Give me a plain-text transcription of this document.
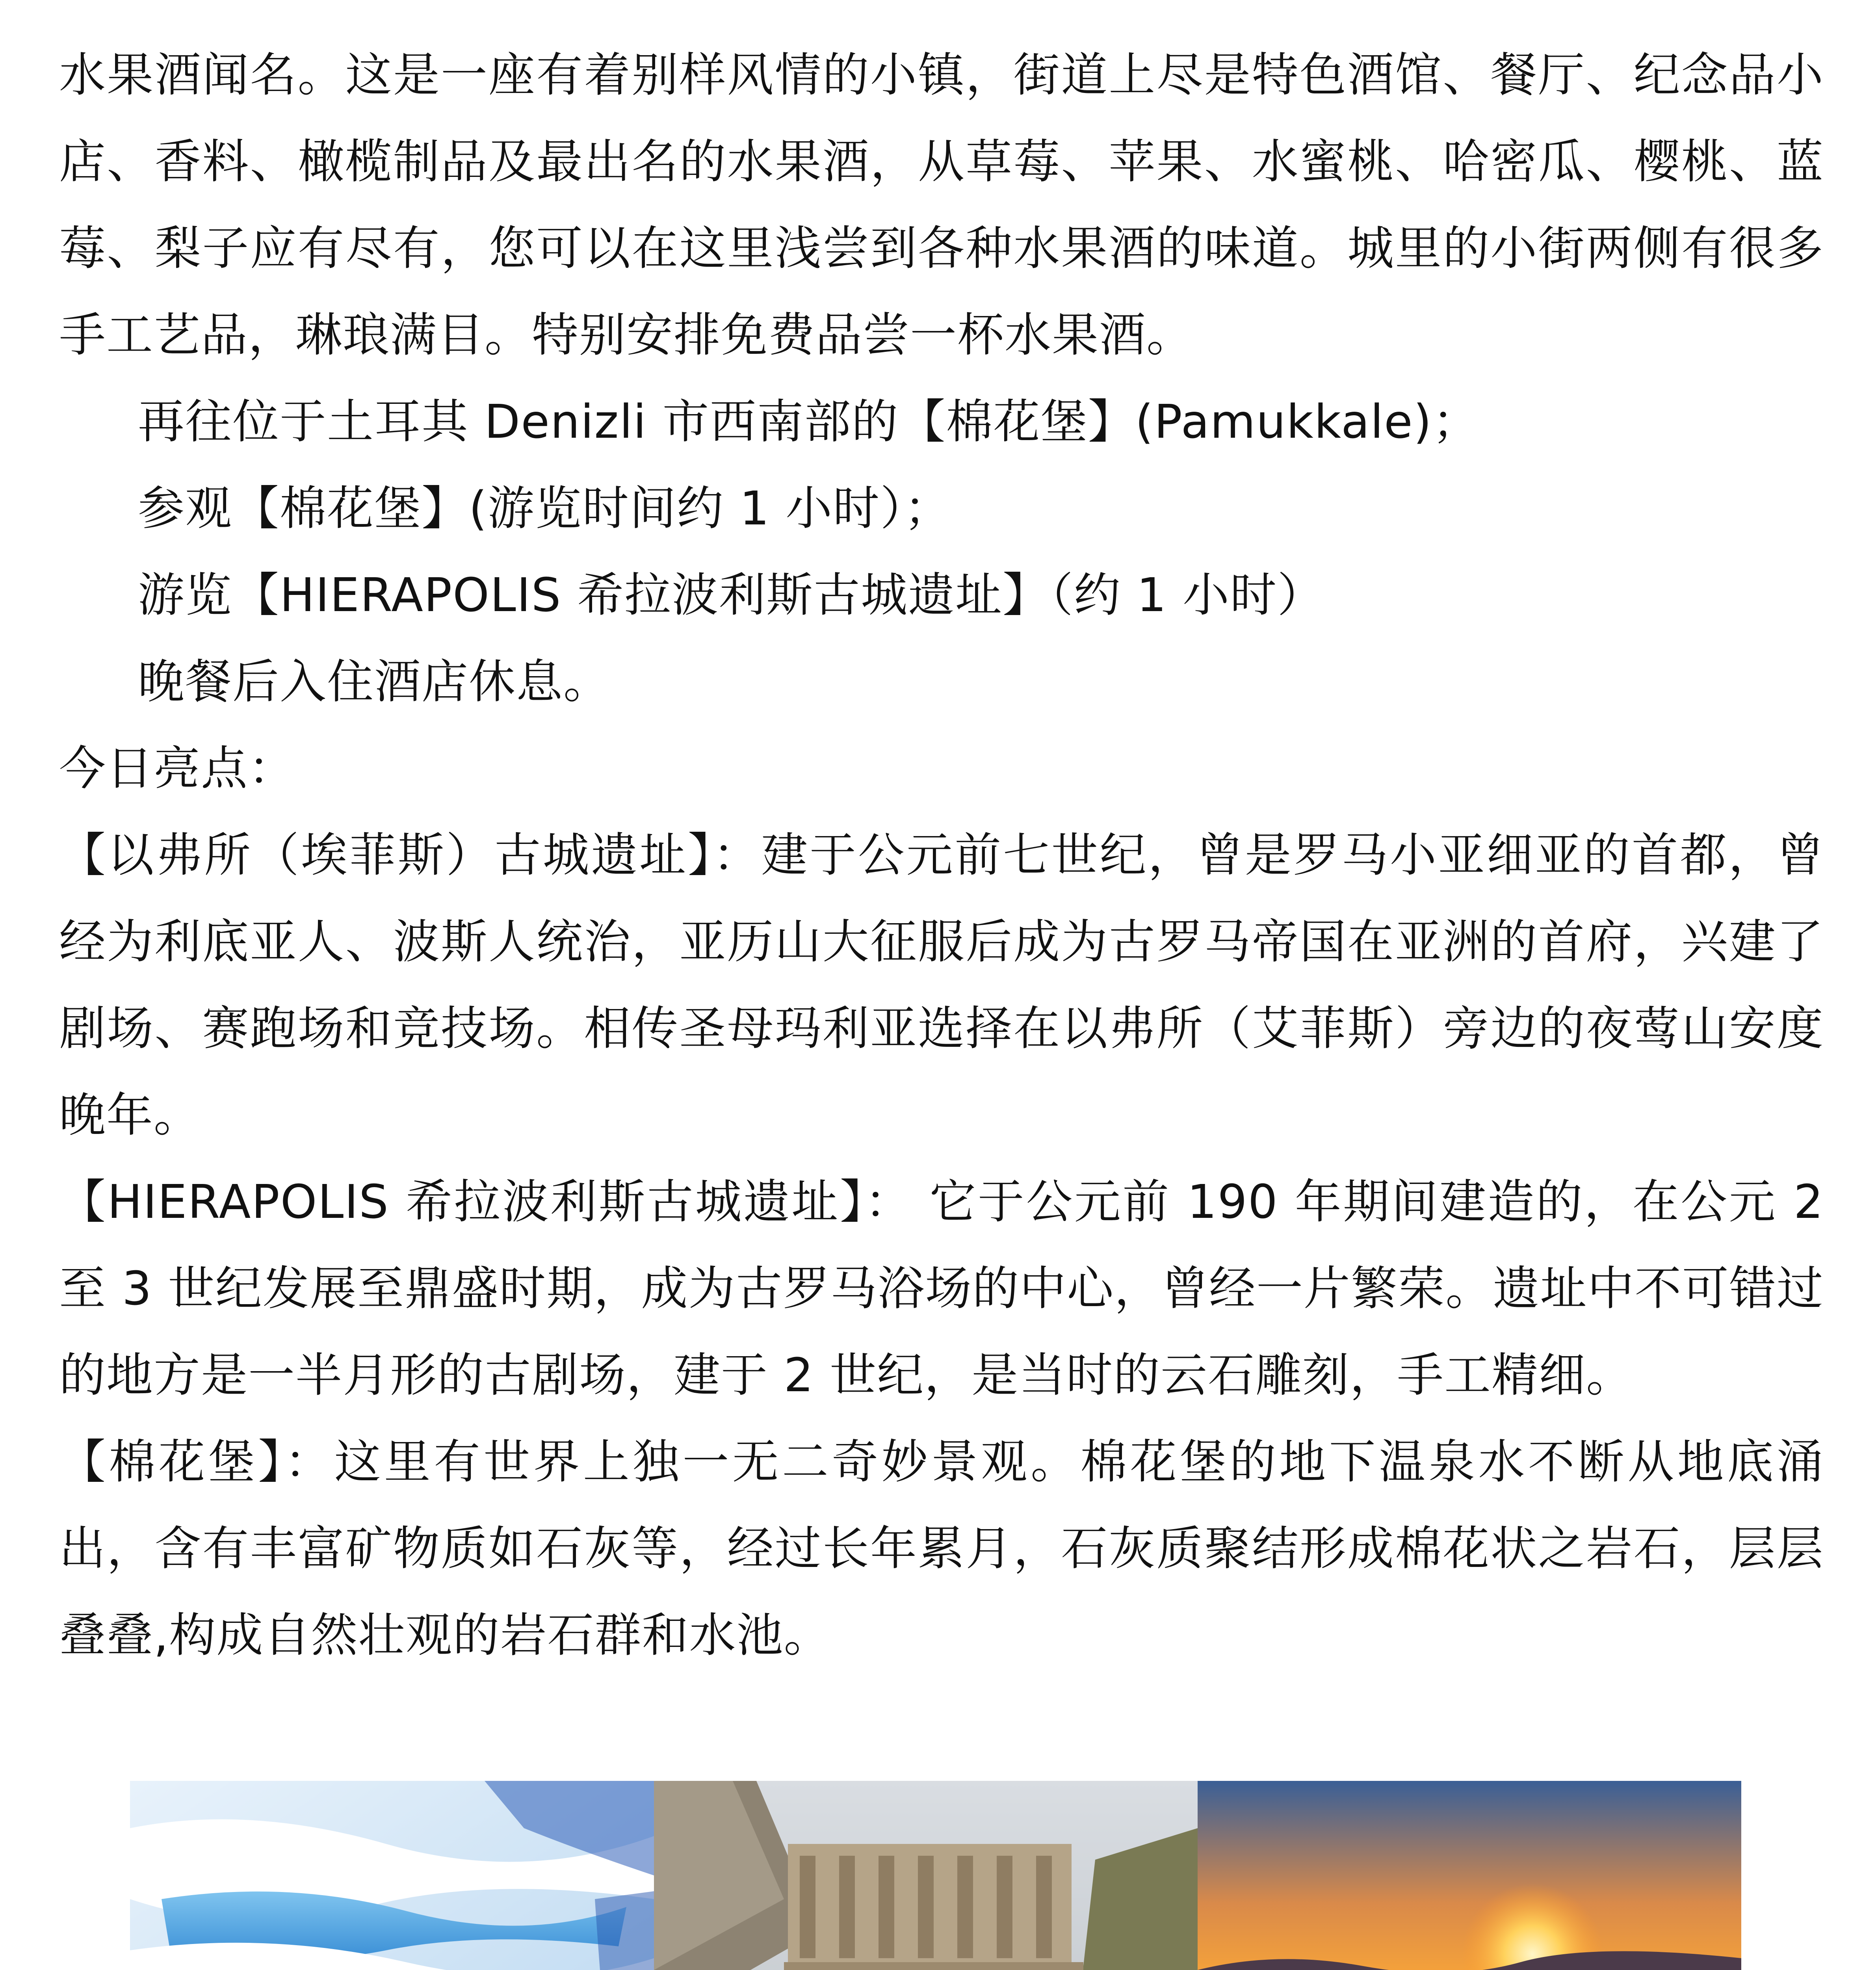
水果酒闻名。这是一座有着别样风情的小镇，街道上尽是特色酒馆、餐厅、纪念品小店、香料、橄榄制品及最出名的水果酒，从草莓、苹果、水蜜桃、哈密瓜、樱桃、蓝莓、梨子应有尽有，您可以在这里浅尝到各种水果酒的味道。城里的小街两侧有很多手工艺品，琳琅满目。特别安排免费品尝一杯水果酒。

再往位于土耳其 Denizli 市西南部的【棉花堡】(Pamukkale)；

参观【棉花堡】(游览时间约 1 小时）；

游览【HIERAPOLIS 希拉波利斯古城遗址】（约 1 小时）

晚餐后入住酒店休息。

今日亮点：

【以弗所（埃菲斯）古城遗址】：建于公元前七世纪，曾是罗马小亚细亚的首都，曾经为利底亚人、波斯人统治，亚历山大征服后成为古罗马帝国在亚洲的首府，兴建了剧场、赛跑场和竞技场。相传圣母玛利亚选择在以弗所（艾菲斯）旁边的夜莺山安度晚年。

【HIERAPOLIS 希拉波利斯古城遗址】： 它于公元前 190 年期间建造的，在公元 2 至 3 世纪发展至鼎盛时期，成为古罗马浴场的中心，曾经一片繁荣。遗址中不可错过的地方是一半月形的古剧场，建于 2 世纪，是当时的云石雕刻，手工精细。

【棉花堡】：这里有世界上独一无二奇妙景观。棉花堡的地下温泉水不断从地底涌出，含有丰富矿物质如石灰等，经过长年累月，石灰质聚结形成棉花状之岩石，层层叠叠,构成自然壮观的岩石群和水池。
